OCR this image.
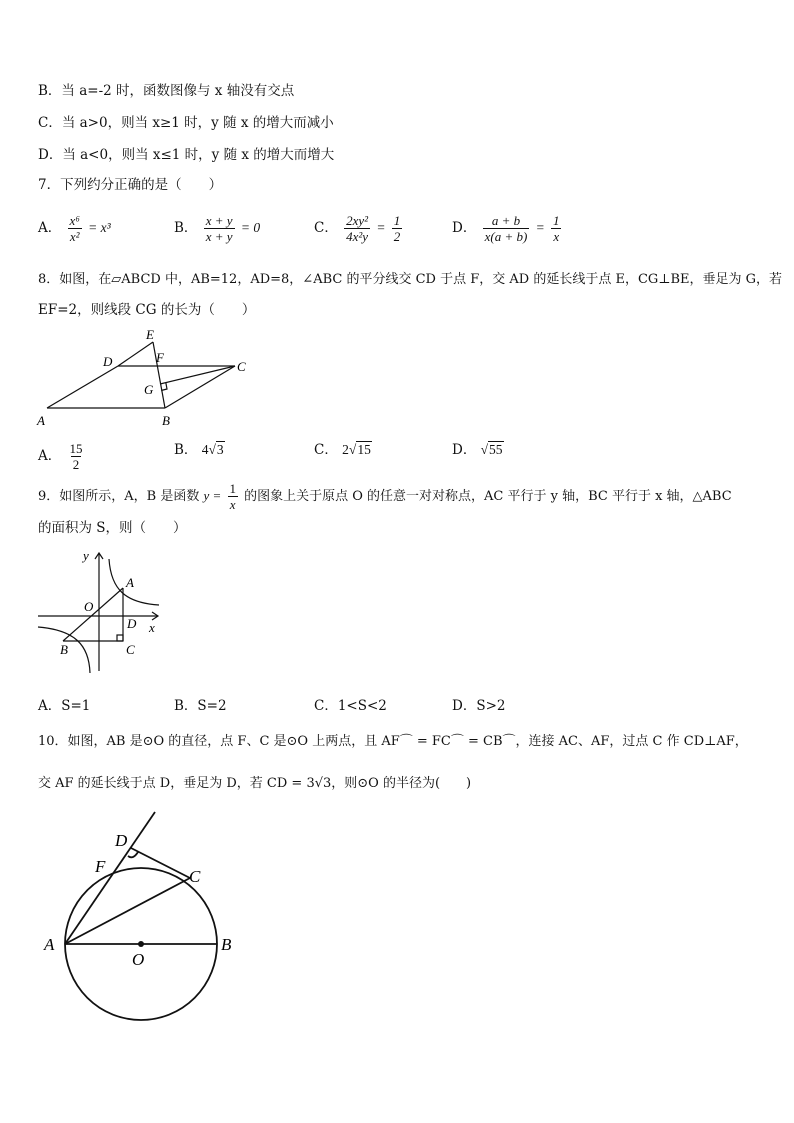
B．当 a=-2 时，函数图像与 x 轴没有交点
C．当 a>0，则当 x≥1 时，y 随 x 的增大而减小
D．当 a<0，则当 x≤1 时，y 随 x 的增大而增大
7．下列约分正确的是（　　）
A． $\frac{\text{x⁶}}{\text{x²}} = x^3$	B． $\frac{x + y}{x + y} = 0$	C． $\frac{\text{2xy²}}{\text{4x²y}} = \frac{1}{2}$	D． $\frac{a + b}{x(a + b)} = \frac{1}{x}$
8．如图，在▱ABCD 中，AB=12，AD=8，∠ABC 的平分线交 CD 于点 F，交 AD 的延长线于点 E，CG⊥BE，垂足为 G，若
EF=2，则线段 CG 的长为（　　）
E
D	F
C
G
A	B
A． $\frac{15}{2}$	B． 4√3	C． 2√15	D． √55
9．如图所示，A，B 是函数 $y = \frac{1}{x}$ 的图象上关于原点 O 的任意一对对称点，AC 平行于 y 轴，BC 平行于 x 轴，△ABC
的面积为 S，则（　　）
y
A
O
D x
B	C
A．S=1	B．S=2	C．1<S<2	D．S>2
10．如图，AB 是⊙O 的直径，点 F、C 是⊙O 上两点，且 AF⌒ = FC⌒ = CB⌒，连接 AC、AF，过点 C 作 CD⊥AF，
交 AF 的延长线于点 D，垂足为 D，若 CD = 3√3，则⊙O 的半径为(　　)
D
F
C
A
O
B
